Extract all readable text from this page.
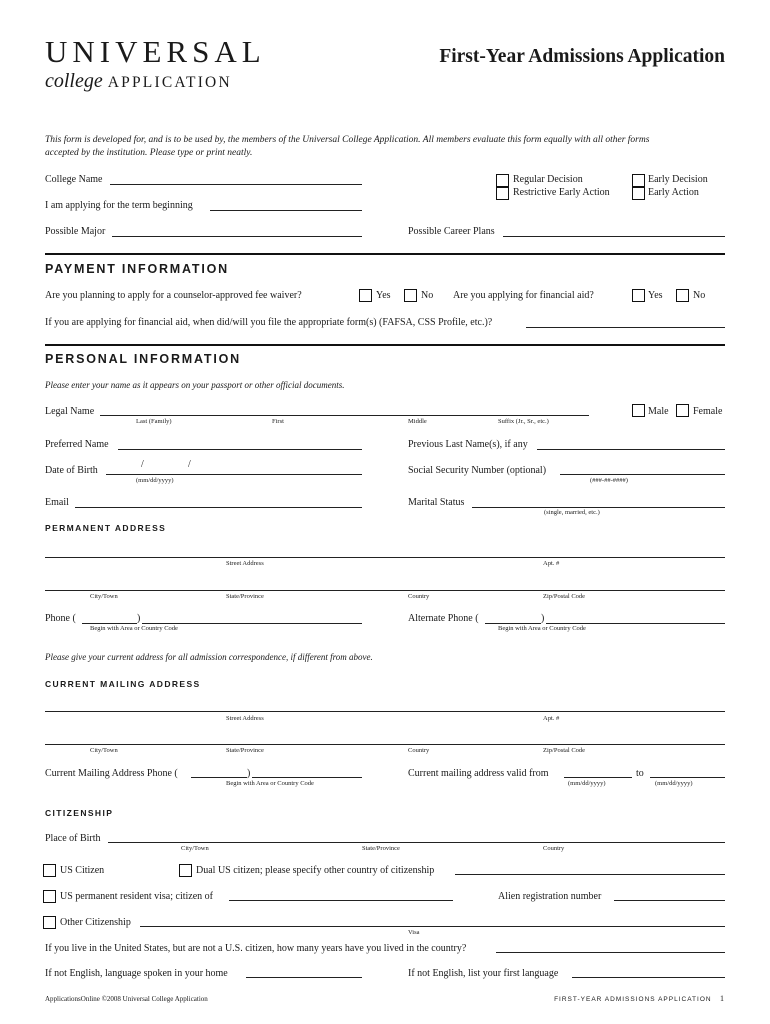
UNIVERSAL
college APPLICATION
First-Year Admissions Application
This form is developed for, and is to be used by, the members of the Universal College Application. All members evaluate this form equally with all other forms
accepted by the institution. Please type or print neatly.
College Name
I am applying for the term beginning
Possible Major
Regular Decision
Restrictive Early Action
Early Decision
Early Action
Possible Career Plans
PAYMENT INFORMATION
Are you planning to apply for a counselor-approved fee waiver?	Yes	No Are you applying for financial aid?	Yes	No
If you are applying for financial aid, when did/will you file the appropriate form(s) (FAFSA, CSS Profile, etc.)?
PERSONAL INFORMATION
Please enter your name as it appears on your passport or other official documents.
Legal Name
Last (Family)	First	Middle	Suffix (Jr., Sr., etc.)
Male Female
Preferred Name	Previous Last Name(s), if any
Date of Birth
/	/
(mm/dd/yyyy)
Social Security Number (optional)
(###-##-####)
Email	Marital Status
(single, married, etc.)
PERMANENT ADDRESS
Street Address	Apt. #
City/Town	State/Province	Country	Zip/Postal Code
Phone (	)
Begin with Area or Country Code
Alternate Phone (	)
Begin with Area or Country Code
Please give your current address for all admission correspondence, if different from above.
CURRENT MAILING ADDRESS
Street Address	Apt. #
City/Town	State/Province	Country	Zip/Postal Code
Current Mailing Address Phone (	)
Begin with Area or Country Code
Current mailing address valid from	to
(mm/dd/yyyy)	(mm/dd/yyyy)
CITIZENSHIP
Place of Birth
City/Town	State/Province	Country
US Citizen	Dual US citizen; please specify other country of citizenship
US permanent resident visa; citizen of	Alien registration number
Other Citizenship
Visa
If you live in the United States, but are not a U.S. citizen, how many years have you lived in the country?
If not English, language spoken in your home	If not English, list your first language
ApplicationsOnline ©2008 Universal College Application	FIRST-YEAR ADMISSIONS APPLICATION 1
